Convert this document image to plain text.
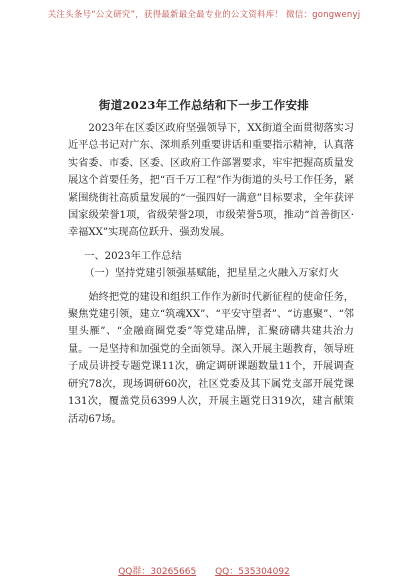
关注头条号“公文研究”，获得最新最全最专业的公文资料库！ 微信：gongwenyj
街道2023年工作总结和下一步工作安排

2023年在区委区政府坚强领导下，XX街道全面贯彻落实习近平总书记对广东、深圳系列重要讲话和重要指示精神，认真落实省委、市委、区委、区政府工作部署要求，牢牢把握高质量发展这个首要任务，把“百千万工程”作为街道的头号工作任务，紧紧围绕街社高质量发展的“一强四好一满意”目标要求，全年获评国家级荣誉1项，省级荣誉2项，市级荣誉5项，推动“首善街区·幸福XX”实现高位跃升、强劲发展。

一、2023年工作总结

（一）坚持党建引领强基赋能，把星星之火融入万家灯火

始终把党的建设和组织工作作为新时代新征程的使命任务，聚焦党建引领，建立“筑魂XX”、“平安守望者”、“访惠聚”、“邻里头雁”、“金融商圈党委”等党建品牌，汇聚磅礴共建共治力量。一是坚持和加强党的全面领导。深入开展主题教育，领导班子成员讲授专题党课11次，确定调研课题数量11个，开展调查研究78次，现场调研60次，社区党委及其下属党支部开展党课131次，覆盖党员6399人次，开展主题党日319次，建言献策活动67场。

QQ群：30265665 QQ：535304092
